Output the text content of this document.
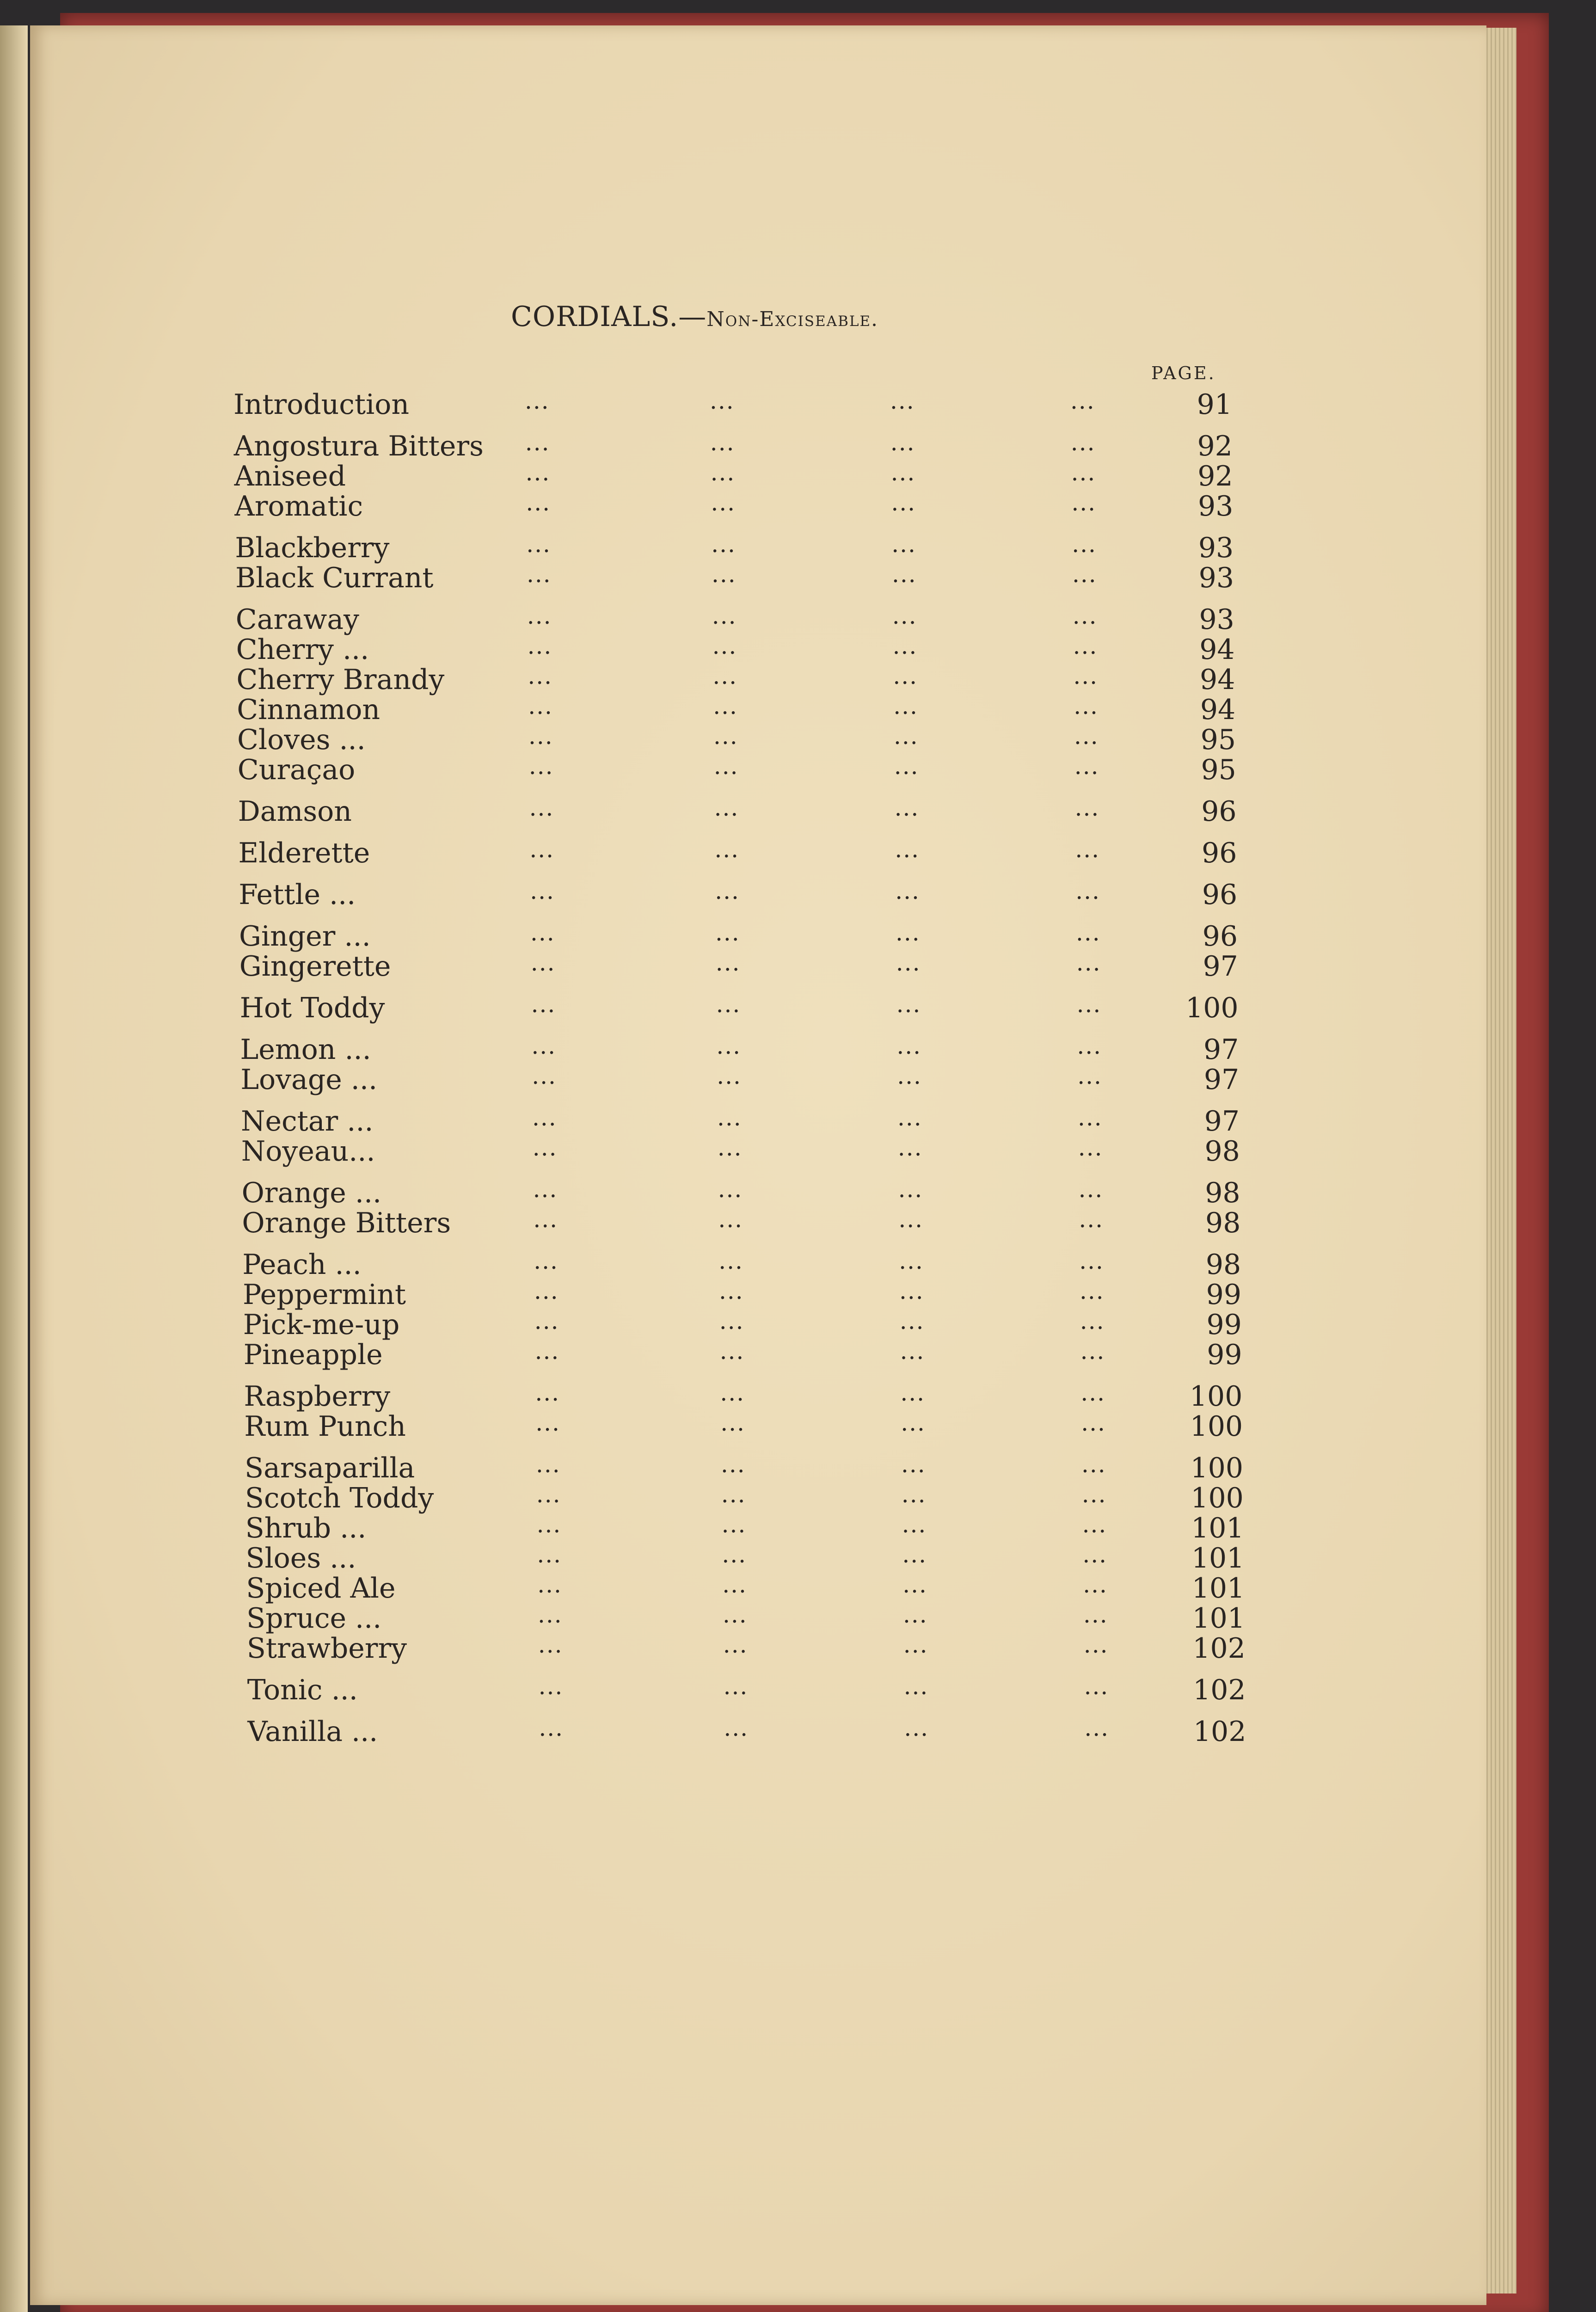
CORDIALS.—Non-Exciseable.
PAGE.
Introduction	...	...	...	...	91
Angostura Bitters ...	...	...	...	92
Aniseed	...	...	...	...	92
Aromatic	...	...	...	...	93
Blackberry	...	...	...	...	93
Black Currant	...	...	...	...	93
Caraway	...	...	...	...	93
Cherry ...	...	...	...	...	94
Cherry Brandy	...	...	...	...	94
Cinnamon	...	...	...	...	94
Cloves ...	...	...	...	...	95
Curaçao	...	...	...	...	95
Damson	...	...	...	...	96
Elderette	...	...	...	...	96
Fettle ...	...	...	...	...	96
Ginger ...	...	...	...	...	96
Gingerette	...	...	...	...	97
Hot Toddy	...	...	...	...	100
Lemon ...	...	...	...	...	97
Lovage ...	...	...	...	...	97
Nectar ...	...	...	...	...	97
Noyeau...	...	...	...	...	98
Orange ...	...	...	...	...	98
Orange Bitters	...	...	...	...	98
Peach ...	...	...	...	...	98
Peppermint	...	...	...	...	99
Pick-me-up	...	...	...	...	99
Pineapple	...	...	...	...	99
Raspberry	...	...	...	...	100
Rum Punch	...	...	...	...	100
Sarsaparilla	...	...	...	...	100
Scotch Toddy	...	...	...	...	100
Shrub ...	...	...	...	...	101
Sloes ...	...	...	...	...	101
Spiced Ale	...	...	...	...	101
Spruce ...	...	...	...	...	101
Strawberry	...	...	...	...	102
Tonic ...	...	...	...	...	102
Vanilla ...	...	...	...	...	102
